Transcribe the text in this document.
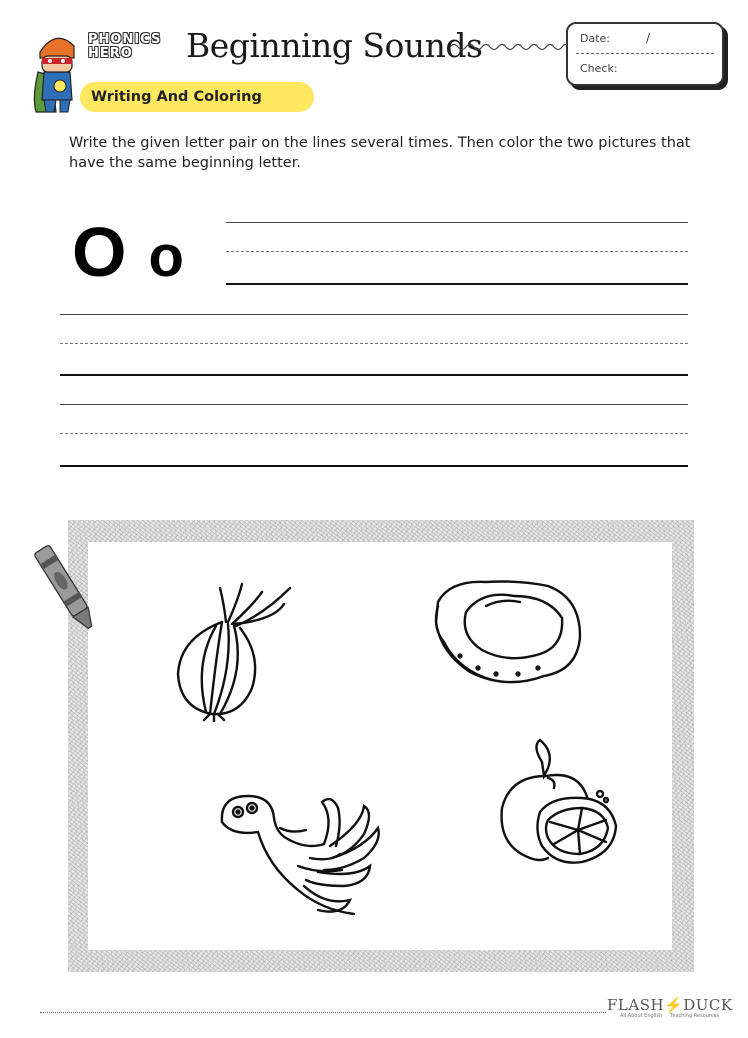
PHONICS
HERO	Beginning Sounds	Date:	/
Check:
Writing And Coloring
Write the given letter pair on the lines several times. Then color the two pictures that have the same beginning letter.
O o
FLASH⚡DUCK
All About English Teaching Resources
